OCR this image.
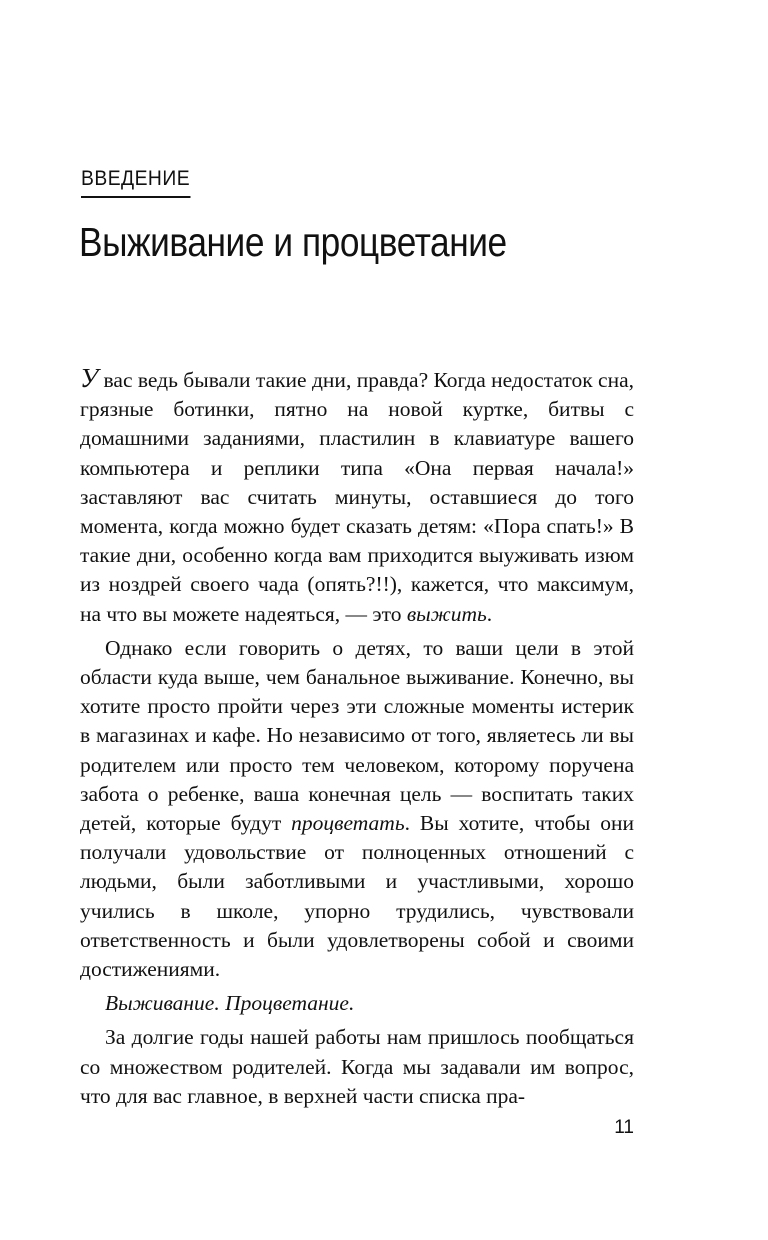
ВВЕДЕНИЕ
Выживание и процветание

У вас ведь бывали такие дни, правда? Когда недостаток сна, грязные ботинки, пятно на новой куртке, битвы с домашними заданиями, пластилин в клавиатуре вашего компьютера и реплики типа «Она первая начала!» заставляют вас считать минуты, оставшиеся до того момента, когда можно будет сказать детям: «Пора спать!» В такие дни, особенно когда вам приходится выуживать изюм из ноздрей своего чада (опять?!!), кажется, что максимум, на что вы можете надеяться, — это выжить.

Однако если говорить о детях, то ваши цели в этой области куда выше, чем банальное выживание. Конечно, вы хотите просто пройти через эти сложные моменты истерик в магазинах и кафе. Но независимо от того, являетесь ли вы родителем или просто тем человеком, которому поручена забота о ребенке, ваша конечная цель — воспитать таких детей, которые будут процветать. Вы хотите, чтобы они получали удовольствие от полноценных отношений с людьми, были заботливыми и участливыми, хорошо учились в школе, упорно трудились, чувствовали ответственность и были удовлетворены собой и своими достижениями.

Выживание. Процветание.

За долгие годы нашей работы нам пришлось пообщаться со множеством родителей. Когда мы задавали им вопрос, что для вас главное, в верхней части списка пра-

11
